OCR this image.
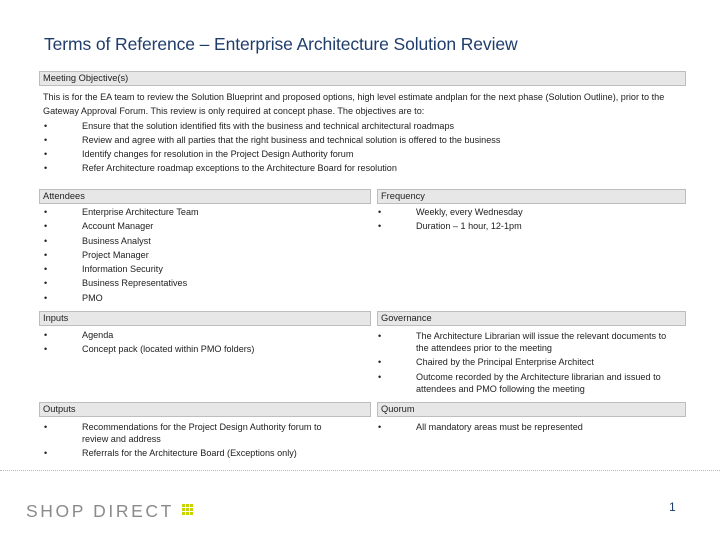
Terms of Reference – Enterprise Architecture Solution Review
Meeting Objective(s)

This is for the EA team to review the Solution Blueprint and proposed options, high level estimate andplan for the next phase (Solution Outline), prior to the Gateway Approval Forum. This review is only required at concept phase. The objectives are to:

• Ensure that the solution identified fits with the business and technical architectural roadmaps
• Review and agree with all parties that the right business and technical solution is offered to the business
• Identify changes for resolution in the Project Design Authority forum
• Refer Architecture roadmap exceptions to the Architecture Board for resolution
Attendees
• Enterprise Architecture Team
• Account Manager
• Business Analyst
• Project Manager
• Information Security
• Business Representatives
• PMO
Frequency
• Weekly, every Wednesday
• Duration – 1 hour, 12-1pm
Inputs
• Agenda
• Concept pack (located within PMO folders)
Governance
• The Architecture Librarian will issue the relevant documents to the attendees prior to the meeting
• Chaired by the Principal Enterprise Architect
• Outcome recorded by the Architecture librarian and issued to attendees and PMO following the meeting
Outputs
• Recommendations for the Project Design Authority forum to review and address
• Referrals for the Architecture Board (Exceptions only)
Quorum
• All mandatory areas must be represented
SHOP DIRECT	1
